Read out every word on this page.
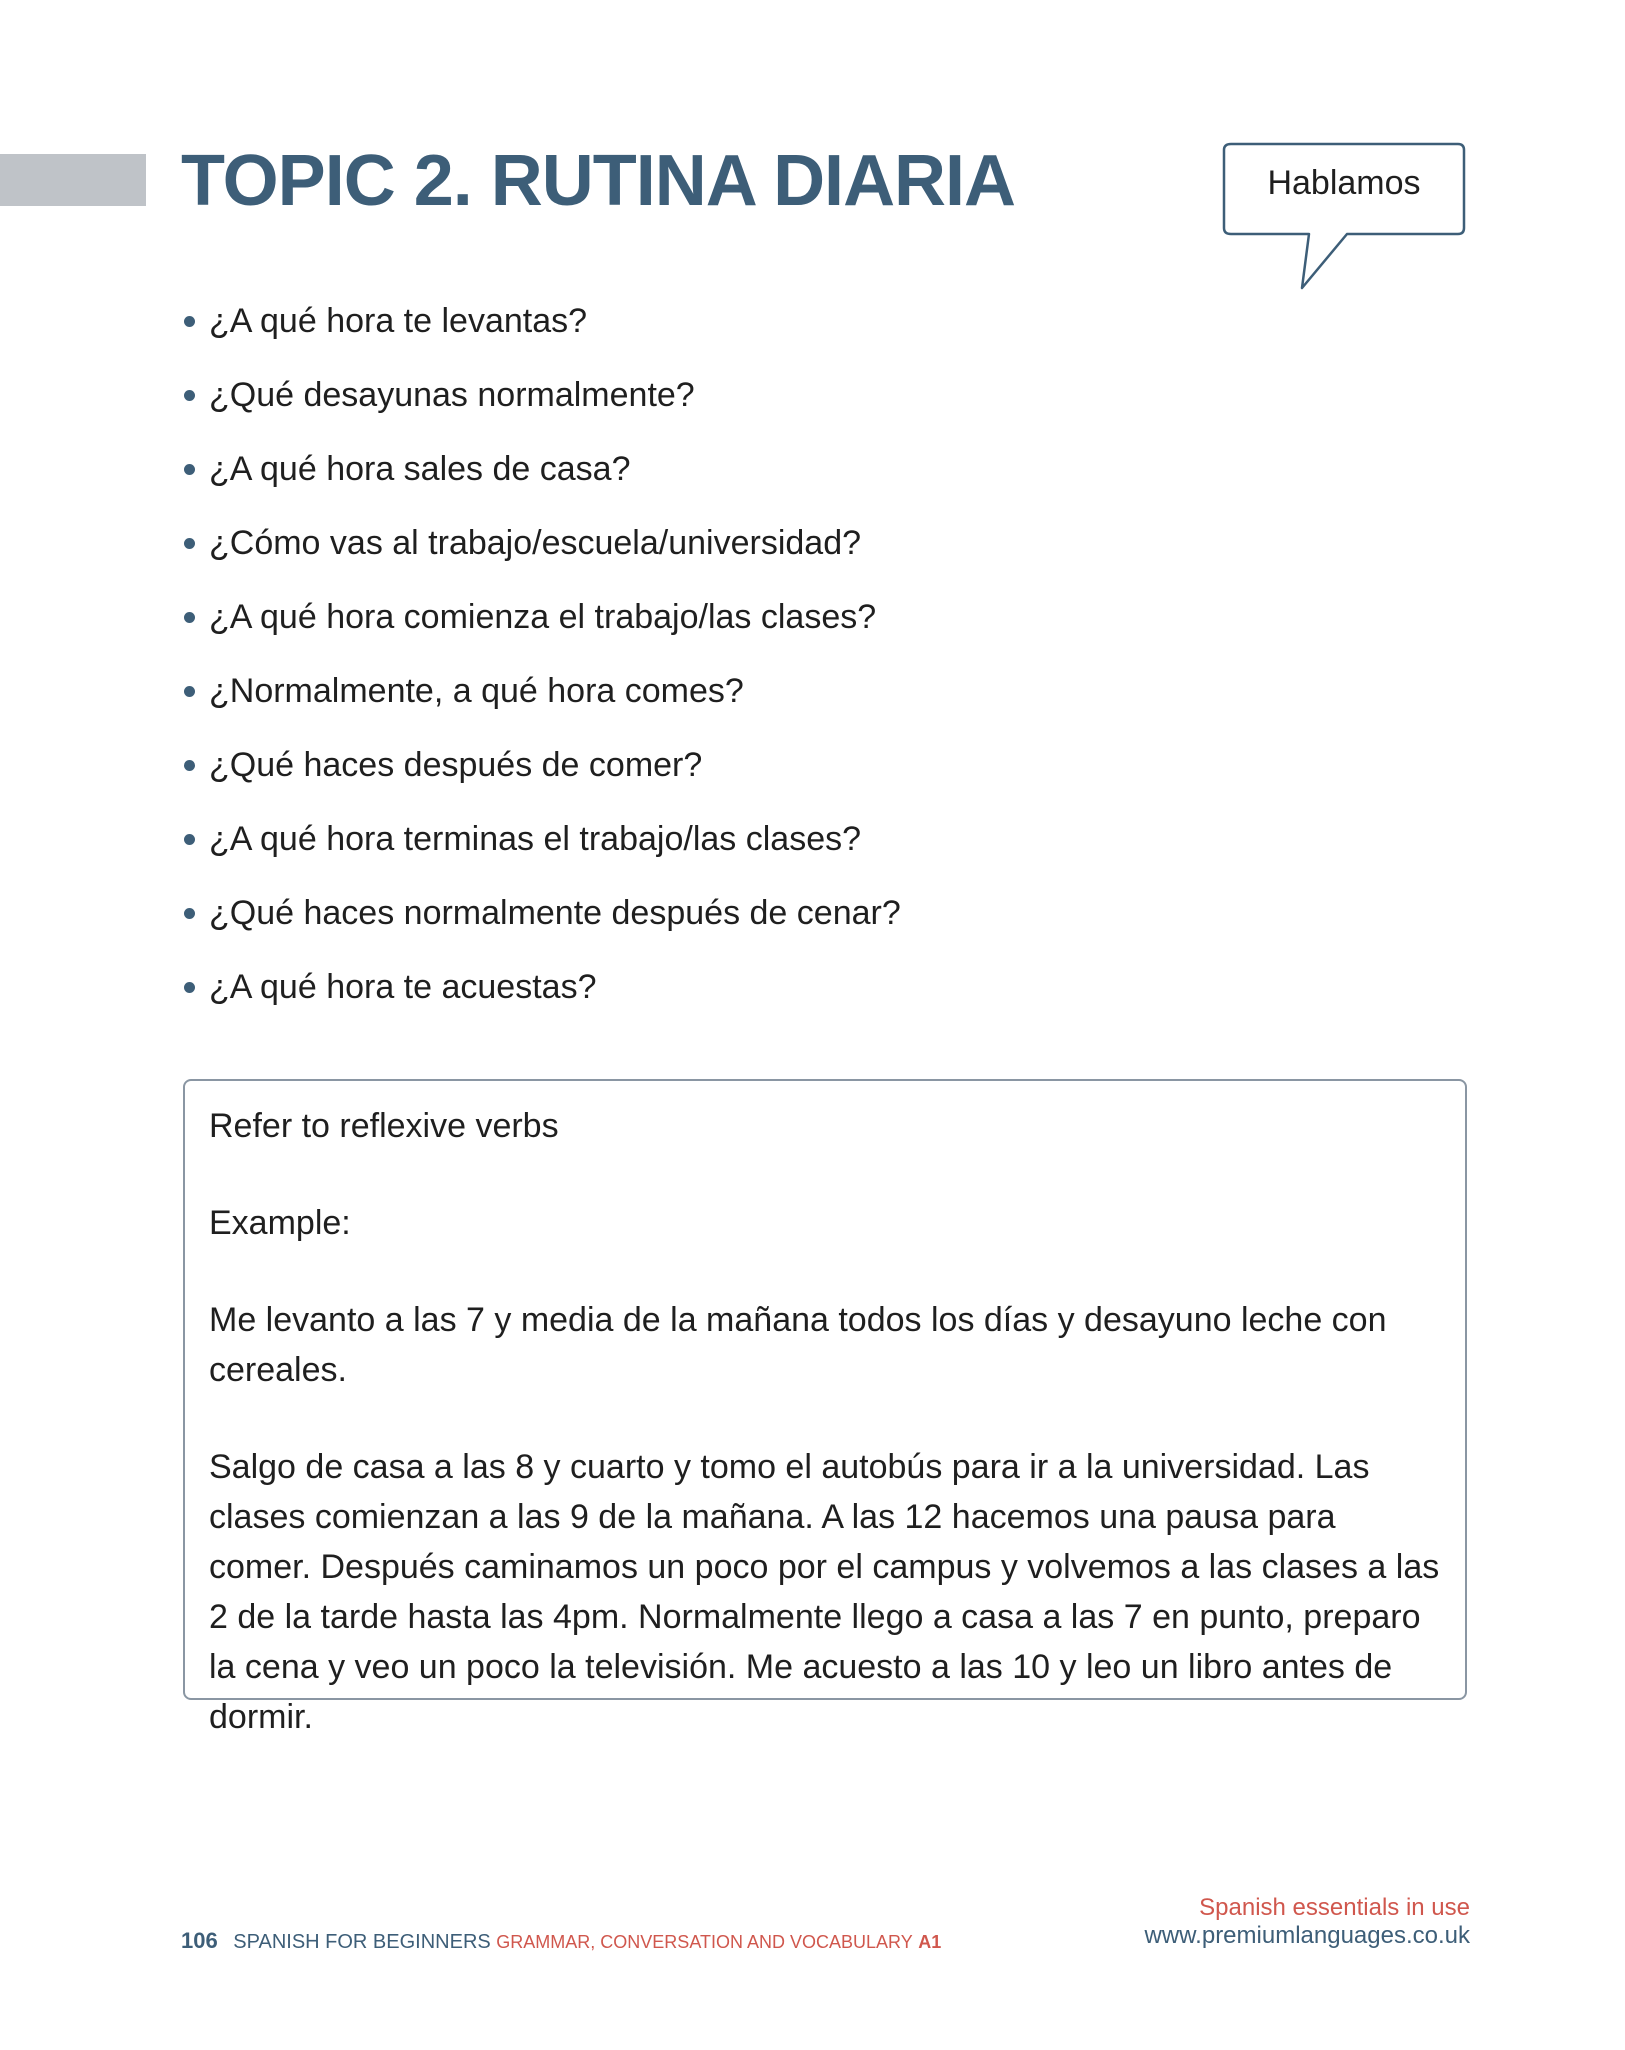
TOPIC 2. RUTINA DIARIA	Hablamos
¿A qué hora te levantas?
¿Qué desayunas normalmente?
¿A qué hora sales de casa?
¿Cómo vas al trabajo/escuela/universidad?
¿A qué hora comienza el trabajo/las clases?
¿Normalmente, a qué hora comes?
¿Qué haces después de comer?
¿A qué hora terminas el trabajo/las clases?
¿Qué haces normalmente después de cenar?
¿A qué hora te acuestas?

Refer to reflexive verbs

Example:

Me levanto a las 7 y media de la mañana todos los días y desayuno leche con cereales.

Salgo de casa a las 8 y cuarto y tomo el autobús para ir a la universidad. Las clases comienzan a las 9 de la mañana. A las 12 hacemos una pausa para comer. Después caminamos un poco por el campus y volvemos a las clases a las 2 de la tarde hasta las 4pm. Normalmente llego a casa a las 7 en punto, preparo la cena y veo un poco la televisión. Me acuesto a las 10 y leo un libro antes de dormir.

106 SPANISH FOR BEGINNERS GRAMMAR, CONVERSATION AND VOCABULARY A1
Spanish essentials in use
www.premiumlanguages.co.uk
